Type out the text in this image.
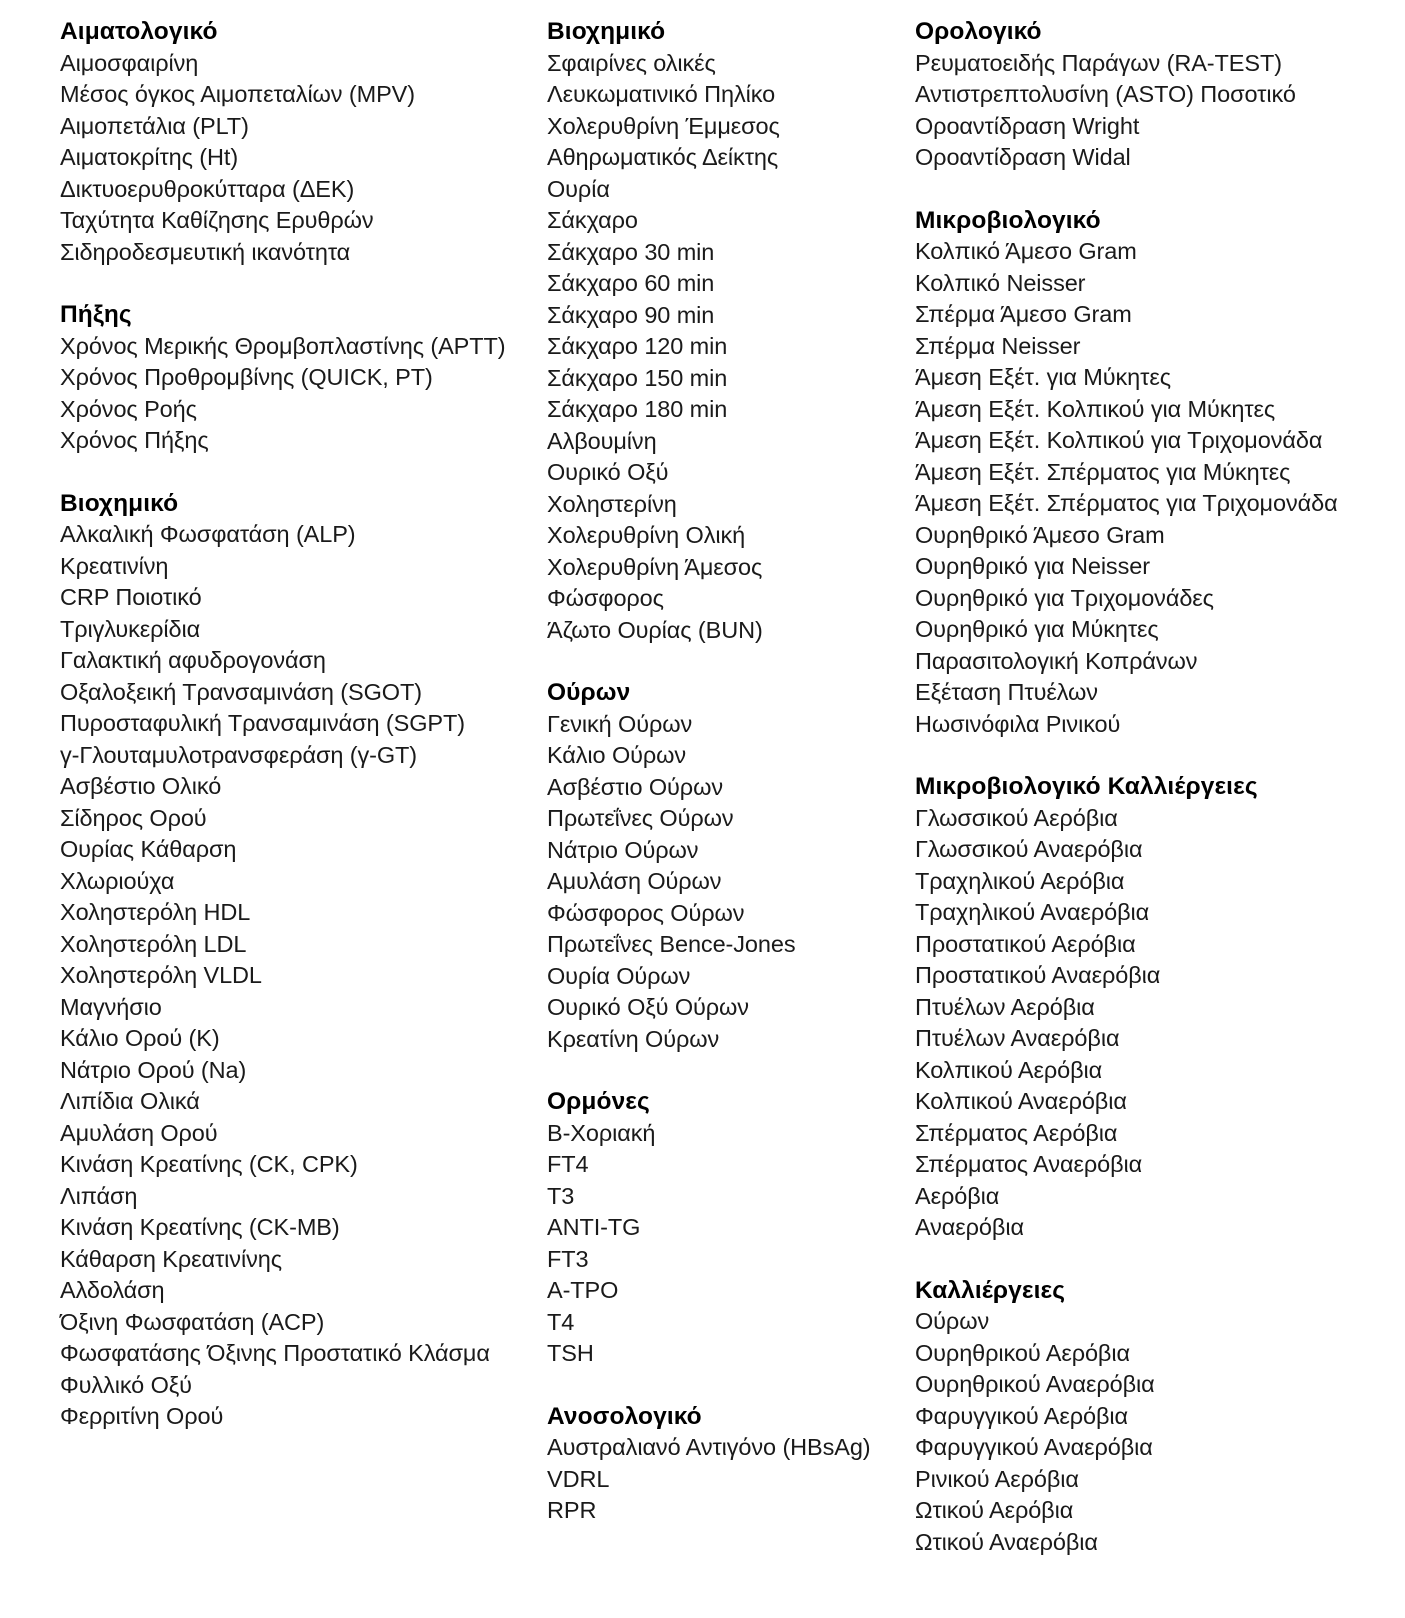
Αιματολογικό
Αιμοσφαιρίνη
Μέσος όγκος Αιμοπεταλίων (MPV)
Αιμοπετάλια (PLT)
Αιματοκρίτης (Ht)
Δικτυοερυθροκύτταρα (ΔΕΚ)
Ταχύτητα Καθίζησης Ερυθρών
Σιδηροδεσμευτική ικανότητα
Πήξης
Χρόνος Μερικής Θρομβοπλαστίνης (APTT)
Χρόνος Προθρομβίνης (QUICK, PT)
Χρόνος Ροής
Χρόνος Πήξης
Βιοχημικό
Αλκαλική Φωσφατάση (ALP)
Κρεατινίνη
CRP Ποιοτικό
Τριγλυκερίδια
Γαλακτική αφυδρογονάση
Οξαλοξεική Τρανσαμινάση (SGOT)
Πυροσταφυλική Τρανσαμινάση (SGPT)
γ-Γλουταμυλοτρανσφεράση (γ-GT)
Ασβέστιο Ολικό
Σίδηρος Ορού
Ουρίας Κάθαρση
Χλωριούχα
Χοληστερόλη HDL
Χοληστερόλη LDL
Χοληστερόλη VLDL
Μαγνήσιο
Κάλιο Ορού (K)
Νάτριο Ορού (Na)
Λιπίδια Ολικά
Αμυλάση Ορού
Κινάση Κρεατίνης (CK, CPK)
Λιπάση
Κινάση Κρεατίνης (CK-MB)
Κάθαρση Κρεατινίνης
Αλδολάση
Όξινη Φωσφατάση (ACP)
Φωσφατάσης Όξινης Προστατικό Κλάσμα
Φυλλικό Οξύ
Φερριτίνη Ορού
Βιοχημικό
Σφαιρίνες ολικές
Λευκωματινικό Πηλίκο
Χολερυθρίνη Έμμεσος
Αθηρωματικός Δείκτης
Ουρία
Σάκχαρο
Σάκχαρο 30 min
Σάκχαρο 60 min
Σάκχαρο 90 min
Σάκχαρο 120 min
Σάκχαρο 150 min
Σάκχαρο 180 min
Αλβουμίνη
Ουρικό Οξύ
Χοληστερίνη
Χολερυθρίνη Ολική
Χολερυθρίνη Άμεσος
Φώσφορος
Άζωτο Ουρίας (BUN)
Ούρων
Γενική Ούρων
Κάλιο Ούρων
Ασβέστιο Ούρων
Πρωτεΐνες Ούρων
Νάτριο Ούρων
Αμυλάση Ούρων
Φώσφορος Ούρων
Πρωτεΐνες Bence-Jones
Ουρία Ούρων
Ουρικό Οξύ Ούρων
Κρεατίνη Ούρων
Ορμόνες
Β-Χοριακή
FT4
T3
ANTI-TG
FT3
A-TPO
T4
TSH
Ανοσολογικό
Αυστραλιανό Αντιγόνο (HBsAg)
VDRL
RPR
Ορολογικό
Ρευματοειδής Παράγων (RA-TEST)
Αντιστρεπτολυσίνη (ASTO) Ποσοτικό
Οροαντίδραση Wright
Οροαντίδραση Widal
Μικροβιολογικό
Κολπικό Άμεσο Gram
Κολπικό Neisser
Σπέρμα Άμεσο Gram
Σπέρμα Neisser
Άμεση Εξέτ. για Μύκητες
Άμεση Εξέτ. Κολπικού για Μύκητες
Άμεση Εξέτ. Κολπικού για Τριχομονάδα
Άμεση Εξέτ. Σπέρματος για Μύκητες
Άμεση Εξέτ. Σπέρματος για Τριχομονάδα
Ουρηθρικό Άμεσο Gram
Ουρηθρικό για Neisser
Ουρηθρικό για Τριχομονάδες
Ουρηθρικό για Μύκητες
Παρασιτολογική Κοπράνων
Εξέταση Πτυέλων
Ηωσινόφιλα Ρινικού
Μικροβιολογικό Καλλιέργειες
Γλωσσικού Αερόβια
Γλωσσικού Αναερόβια
Τραχηλικού Αερόβια
Τραχηλικού Αναερόβια
Προστατικού Αερόβια
Προστατικού Αναερόβια
Πτυέλων Αερόβια
Πτυέλων Αναερόβια
Κολπικού Αερόβια
Κολπικού Αναερόβια
Σπέρματος Αερόβια
Σπέρματος Αναερόβια
Αερόβια
Αναερόβια
Καλλιέργειες
Ούρων
Ουρηθρικού Αερόβια
Ουρηθρικού Αναερόβια
Φαρυγγικού Αερόβια
Φαρυγγικού Αναερόβια
Ρινικού Αερόβια
Ωτικού Αερόβια
Ωτικού Αναερόβια
